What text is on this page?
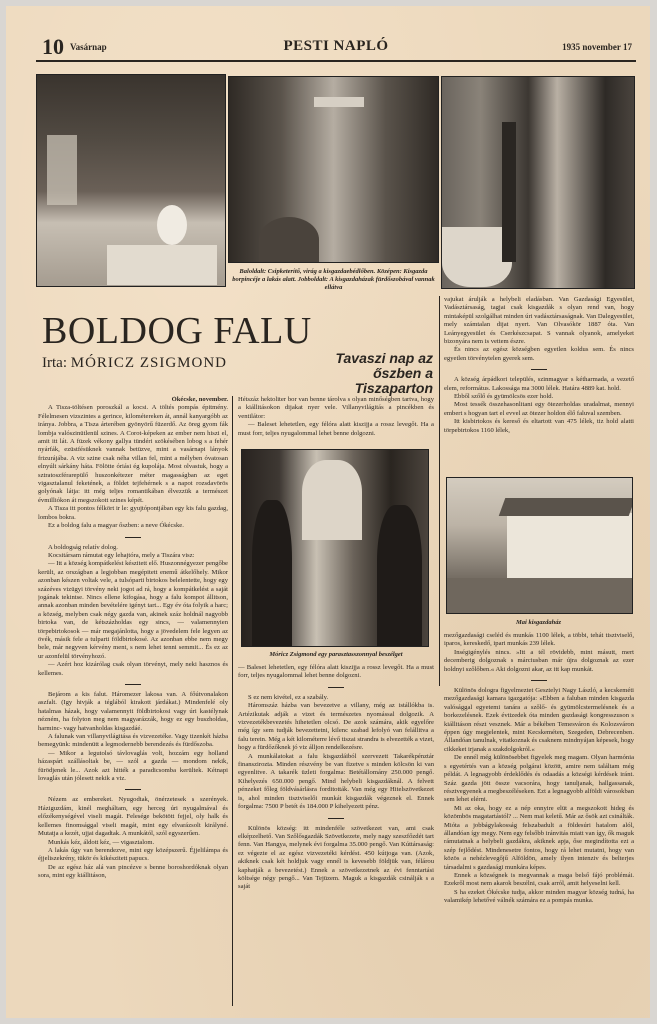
10 Vasárnap	PESTI NAPLÓ	1935 november 17
Baloldalt: Csipketerítő, virág a kisgazdaebédlőben. Középen: Kisgazda borpincéje a lakás alatt. Jobboldalt: A kisgazdaházak fürdőszobával vannak ellátva
BOLDOG FALU
Irta: MÓRICZ ZSIGMOND	Tavaszi nap az őszben a Tiszaparton

Ókécske, november.

A Tisza-töltésen poroszkál a kocsi. A töltés pompás épitmény. Félelmesen vizszintes a gerince, kilométereken át, annál kanyargóbb az iránya. Jobbra, a Tisza árterében gyönyörű füzerdő. Az öreg gyom fák lombja valószinütlenül szines. A Corot-képeken az ember nem hiszi el, amit itt lát. A füzek vékony gallya tündéri szökésében lobog s a fehér nyárfák, ezüstfésüknek vannak betüzve, mint a vasárnapi lányok frizurájába. A viz szine csak néha villan fel, mint a mélyben óvatosan elnyúlt sárkány háta. Fölötte óriási ég kupolája. Most olvastuk, hogy a sztratoszférarepülő huszonkétezer méter magasságban az eget vigasztalanul feketének, a földet tejfehérnek s a napot rozsdavörös golyónak látja: itt még teljes romantikában élvezzük a természet évmilliókon át megszokott szines képét.

A Tisza itt pontos félkört ir le: gyujtópontjában egy kis falu gazdag, lombos bokra.

Ez a boldog falu a magyar őszben: a neve Ókécske.

A boldogság relatív dolog.

Kocsitársam rámutat egy lehajtóra, mely a Tiszára visz:

— Itt a község kompátkelést készitett elő. Huszonnégyezer pengőbe került, az országban a legjobban megépitett enemű átkelőhely. Mikor azonban készen voltak vele, a tulsóparti birtokos belelentette, hogy egy százéves vizügyi törvény neki jogot ad rá, hogy a kompátkelést a saját jogának tekintse. Nincs ellene kifogása, hogy a falu kompot állitson, annak azonban minden bevételére igényt tart... Egy év óta folyik a harc; a község, melyben csak négy gazda van, akinek száz holdnál nagyobb birtoka van, de kétszázholdas egy sincs, — valamennyien törpebirtokosok — már megajánlotta, hogy a jövedelem fele legyen az övék, másik fele a tulparti földbirtokosé. Az azonban ebbe nem megy bele, már negyven kérvény ment, s nem lehet tenni semmit... És ez az ur azonfelül törvényhozó.

— Azért hoz kizárólag csak olyan törvényt, mely neki hasznos és kellemes.

Bejárom a kis falut. Háromezer lakosa van. A főútvonalakon aszfalt. (Igy hivják a téglából kirakott járdákat.) Mindenfelé oly hatalmas házak, hogy valamennyit földbirtokosi vagy úri kastélynak nézném, ha folyton meg nem magyarázzák, hogy ez egy buszholdas, harminc- vagy hatvanholdas kisgazdáé.

A falunak van villanyvilágitása és vizvezetéke. Vagy tizenkét házba bemegyünk: mindenütt a legmodernebb berendezés és fürdőszoba.

— Mikor a legutolsó távlovaglás volt, hozzám egy holland házaspárt szállásoltak be, — szól a gazda — mondom nekik, fürödjenek le... Azok azt hitték a paradicsomba kerültek. Kétnapi lovaglás után jólesett nekik a viz.

Nézem az embereket. Nyugodtak, önérzetesek s szerények. Háziguzdám, kinél megháltam, egy herceg úri nyugalmával és előzékenységével viseli magát. Felesége bekötött fejjel, oly halk és kellemes finomsággal viseli magát, mint egy elvarázsolt királyné. Mutatja a kezét, ujjai dagadtak. A munkától, szól egyszerűen.

Munkás kéz, áldott kéz, — vigasztalom.

A lakás úgy van berendezve, mint egy középszerű. Éjjelilámpa és éjjeliszekrény, tükör és kikészitett papucs.

De az egész ház alá van pincézve s benne boroshordóknak olyan sora, mint egy kiállitáson,

Hétszáz hektoliter bor van benne tárolva s olyan minőségben tartva, hogy a kiállitásokon dijakat nyer vele. Villanyvilágitás a pincékben és ventilátor:

— Baleset lehetetlen, egy félóra alatt kiszijja a rossz levegőt. Ha a must forr, teljes nyugalommal lehet benne dolgozni.

Móricz Zsigmond egy parasztasszonnyal beszélget

— Baleset lehetetlen, egy félóra alatt kiszijja a rossz levegőt. Ha a must forr, teljes nyugalommal lehet benne dolgozni.

S ez nem kivétel, ez a szabály.

Háromszáz házba van bevezetve a villany, még az istállókba is. Artézikutak adják a vizet és természetes nyomással dolgozik. A vizvezetékbevezetés hihetetlen olcsó. De azok számára, akik egyelőre még így sem tudják bevezettetni, kilenc szabad lefolyó van felállitva a falu terein. Még a két kilométerre lévő tiszai strandra is elvezették a vizet, hogy a fürdőzőknek jó viz álljon rendelkezésre.

A munkálatokat a falu kisgazdáiból szervezett Takarékpénztár finanszirozta. Minden részvény be van fizetve s minden kölcsön ki van egyenlitve. A takarék üzleti forgalma: Betétállomány 250.000 pengő. Kihelyezés 650.000 pengő. Mind helybeli kisgazdáknál. A felvett pénzeket főleg földvásárlásra forditották. Van még egy Hitelszövetkezet is, ahol minden tisztviselői munkát kisgazdák végeznek el. Ennek forgalma: 7500 P betét és 184.000 P kihelyezett pénz.

Különös község: itt mindenféle szövetkezet van, ami csak elképzelhető. Van Szőlősgazdák Szövetkezete, mely nagy szeszfőzdét tart fenn. Van Hangya, melynek évi forgalma 35.000 pengő. Van Kúttársaság: ez végezte el az egész vizvezetéki kérdést. 450 kútjoga van. (Azok, akiknek csak két holdjuk vagy ennél is kevesebb földjük van, félárou kaphatják a bevezetést.) Ennek a szövetkezetnek az évi fenntartási költsége négy pengő... Van Tejüzem. Maguk a kisgazdák csinálják s a saját

vajukat árulják a helybeli eladásban. Van Gazdasági Egyesület, Vadásztársaság, tagjai csak kisgazdák s olyan rend van, hogy mintaképül szolgálhat minden úri vadásztársaságnak. Van Dalegyesület, mely számtalan dijat nyert. Van Olvasókör 1887 óta. Van Leányegyesület és Cserkészcsapat. S vannak olyanok, amelyeket bizonyára nem is vettem észre.

És nincs az egész községben egyetlen koldus sem. És nincs egyetlen törvénytelen gyerek sem.

A község árpádkori település, szinmagyar s kétharmada, a vezető elem, református. Lakossága ma 3000 lélek. Határa 4889 kat. hold.

Ebből szőlő és gyümölcsös ezer hold.

Most tessék összehasonlitani egy ötezerholdas uradalmat, mennyi embert s hogyan tart el evvel az ötezer holdon élő faluval szemben.

Itt kisbirtokos és kereső és eltartott van 475 lélek, tiz hold alatti törpebirtokos 1160 lélek,

Mai kisgazdaház

mezőgazdasági cseléd és munkás 1100 lélek, a többi, tehát tisztviselő, iparos, kereskedő, ipari munkás 239 lélek.

Inségigénylés nincs. »Itt a tél rövidebb, mint másutt, mert decemberig dolgoznak s márciusban már újra dolgoznak az ezer holdnyi szőlőben.« Aki dolgozni akar, az itt kap munkát.

Különös dologra figyelmeztet Gesztelyi Nagy László, a kecskeméti mezőgazdasági kamara igazgatója: »Ebben a faluban minden kisgazda valósággal egyetemi tanára a szőlő- és gyümölcstermelésnek és a borkezelésnek. Ezek évtizedek óta minden gazdasági kongresszuson s kiállitáson részt vesznek. Már a békében Temesváron és Kolozsváron éppen úgy megjelentek, mint Kecskeméten, Szegeden, Debrecenben. Állandóan tanulnak, vitatkoznak és csaknem mindnyájan képesek, hogy cikkeket irjanak a szakdolgokról.«

De ennél még különösebbet figyelek meg magam. Olyan harmónia s egyetértés van a község polgárai között, amire nem találtam még példát. A legnagyobb érdeklődés és odaadás a községi kérdések iránt. Száz gazda jött össze vacsorára, hogy tanuljanak, hallgassanak, résztvegyenek a megbeszéléseken. Ezt a legnagyobb alföldi városokban sem lehet elérni.

Mi az oka, hogy ez a nép ennyire elüt a megszokott hideg és közömbös magatartástól? ... Nem mai keletű. Már az ősök azt csinálták. Mióta a jobbágylakosság felszabadult a földesúri hatalom alól, állandóan így megy. Nem egy felsőbb iránvitás miatt van így, ők maguk rámutatnak a helybeli gazdákra, akiknek apja, őse megindította ezt a szép fejlődést. Mindenesetre fontos, hogy rá lehet mutatni, hogy van közös a nehézlevegőjű Alföldön, amely ilyen intenziv és belterjes társadalmi s gazdasági munkára képes.

Ennek a községnek is megvannak a maga belső fájó problémái. Ezekről most nem akarok beszélni, csak arról, amit helyeselni kell.

S ha ezeket Ókécske tudja, akkor minden magyar község tudná, ha valamikép lehetővé válnék számára ez a pompás munka.
